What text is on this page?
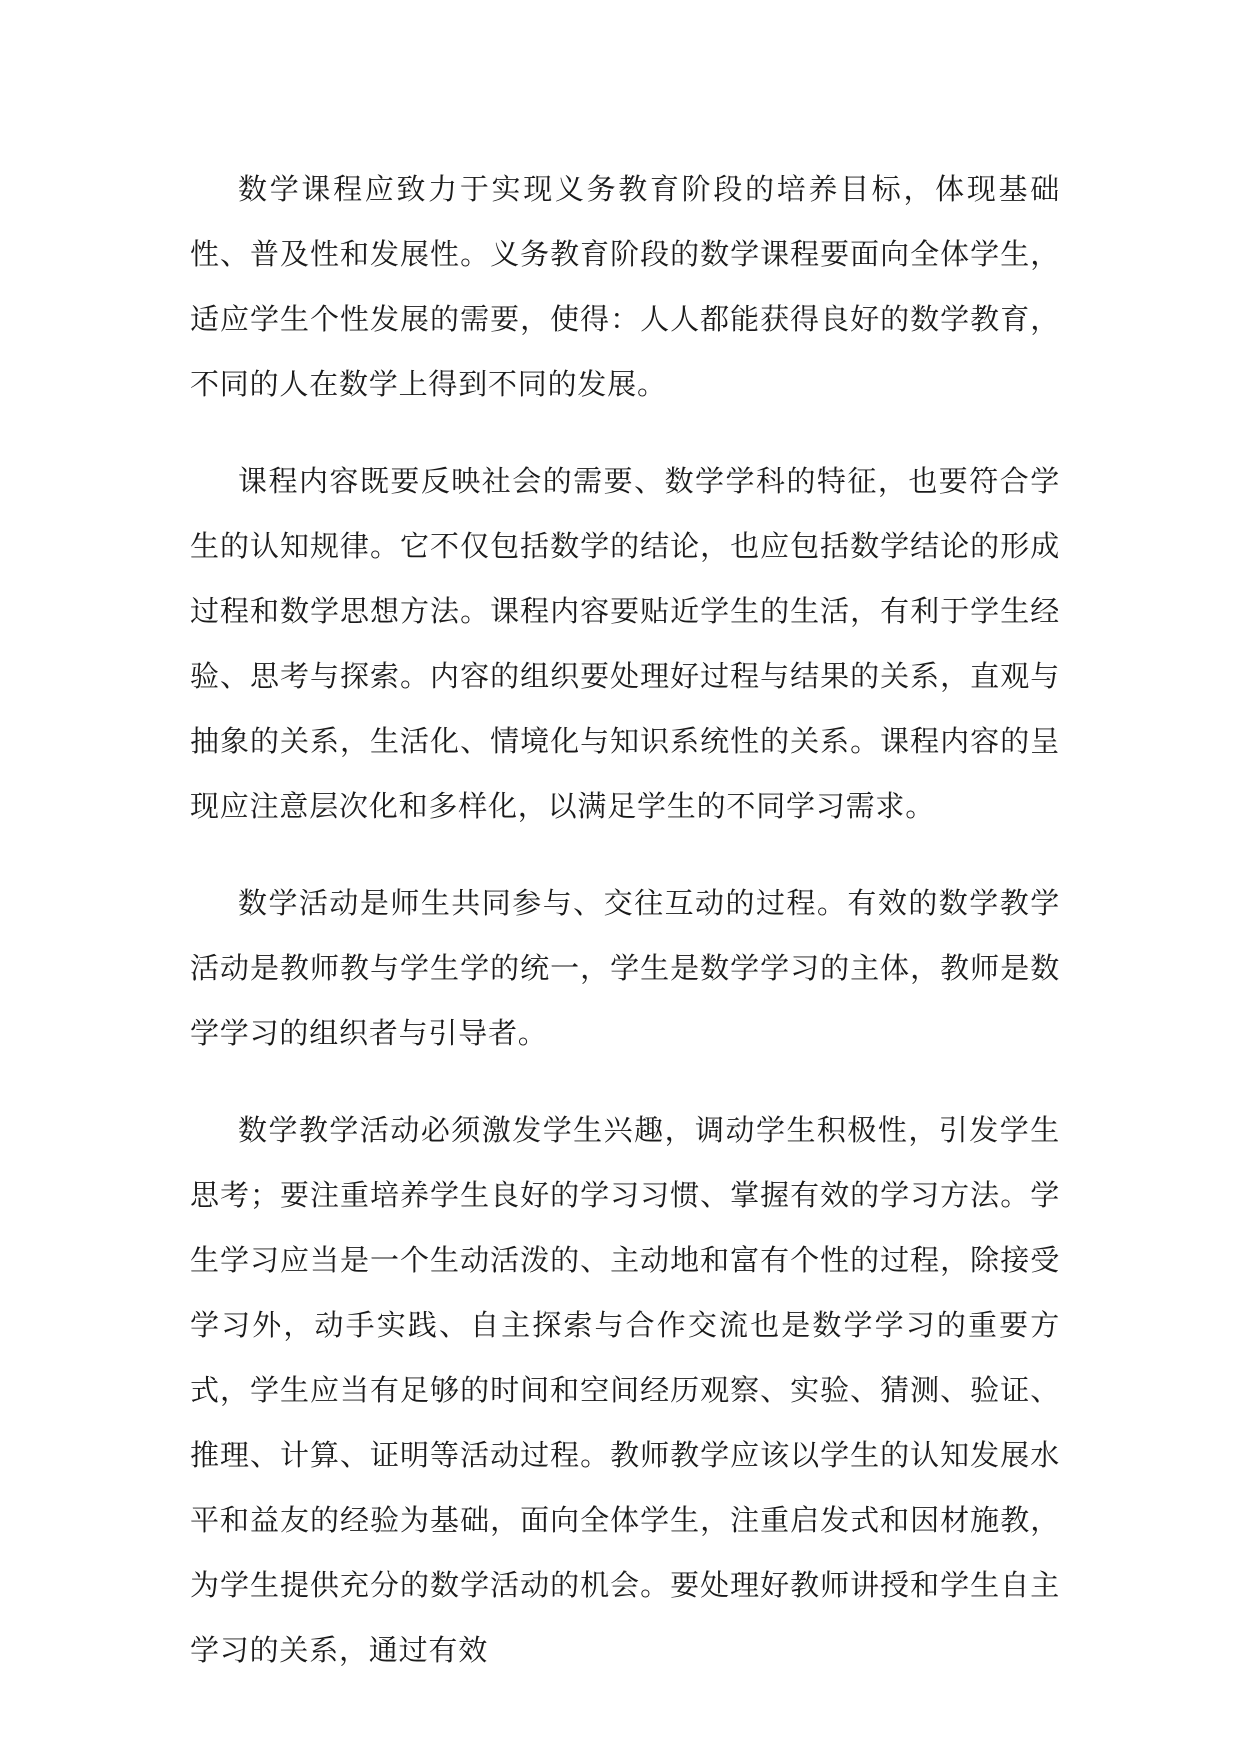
数学课程应致力于实现义务教育阶段的培养目标，体现基础性、普及性和发展性。义务教育阶段的数学课程要面向全体学生，适应学生个性发展的需要，使得：人人都能获得良好的数学教育，不同的人在数学上得到不同的发展。

课程内容既要反映社会的需要、数学学科的特征，也要符合学生的认知规律。它不仅包括数学的结论，也应包括数学结论的形成过程和数学思想方法。课程内容要贴近学生的生活，有利于学生经验、思考与探索。内容的组织要处理好过程与结果的关系，直观与抽象的关系，生活化、情境化与知识系统性的关系。课程内容的呈现应注意层次化和多样化，以满足学生的不同学习需求。

数学活动是师生共同参与、交往互动的过程。有效的数学教学活动是教师教与学生学的统一，学生是数学学习的主体，教师是数学学习的组织者与引导者。

数学教学活动必须激发学生兴趣，调动学生积极性，引发学生思考；要注重培养学生良好的学习习惯、掌握有效的学习方法。学生学习应当是一个生动活泼的、主动地和富有个性的过程，除接受学习外，动手实践、自主探索与合作交流也是数学学习的重要方式，学生应当有足够的时间和空间经历观察、实验、猜测、验证、推理、计算、证明等活动过程。教师教学应该以学生的认知发展水平和益友的经验为基础，面向全体学生，注重启发式和因材施教，为学生提供充分的数学活动的机会。要处理好教师讲授和学生自主学习的关系，通过有效
